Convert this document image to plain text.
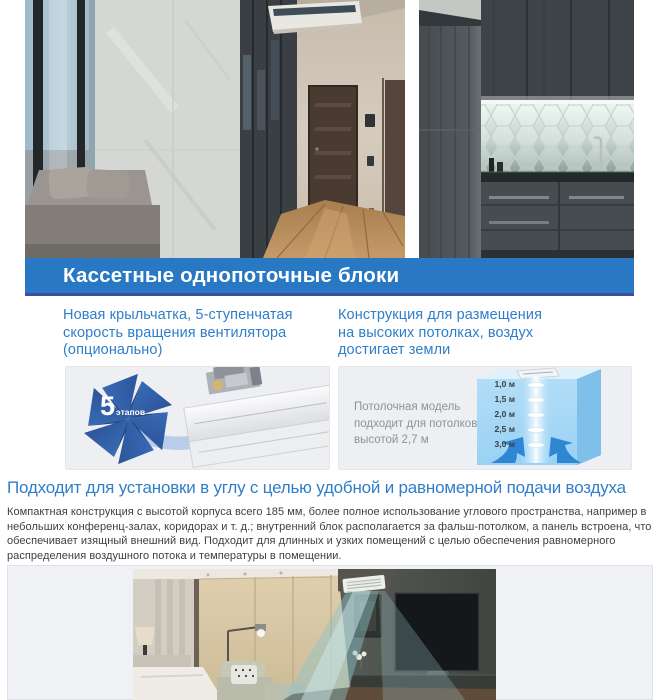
Кассетные однопоточные блоки
Новая крыльчатка, 5-ступенчатая
скорость вращения вентилятора
(опционально)
Конструкция для размещения
на высоких потолках, воздух
достигает земли
5этапов	Потолочная модель
подходит для потолков
высотой 2,7 м
1,0 м
1,5 м
2,0 м
2,5 м
3,0 м
Подходит для установки в углу с целью удобной и равномерной подачи воздуха
Компактная конструкция с высотой корпуса всего 185 мм, более полное использование углового пространства, например в небольших конференц-залах, коридорах и т. д.; внутренний блок располагается за фальш-потолком, а панель встроена, что обеспечивает изящный внешний вид. Подходит для длинных и узких помещений с целью обеспечения равномерного распределения воздушного потока и температуры в помещении.
